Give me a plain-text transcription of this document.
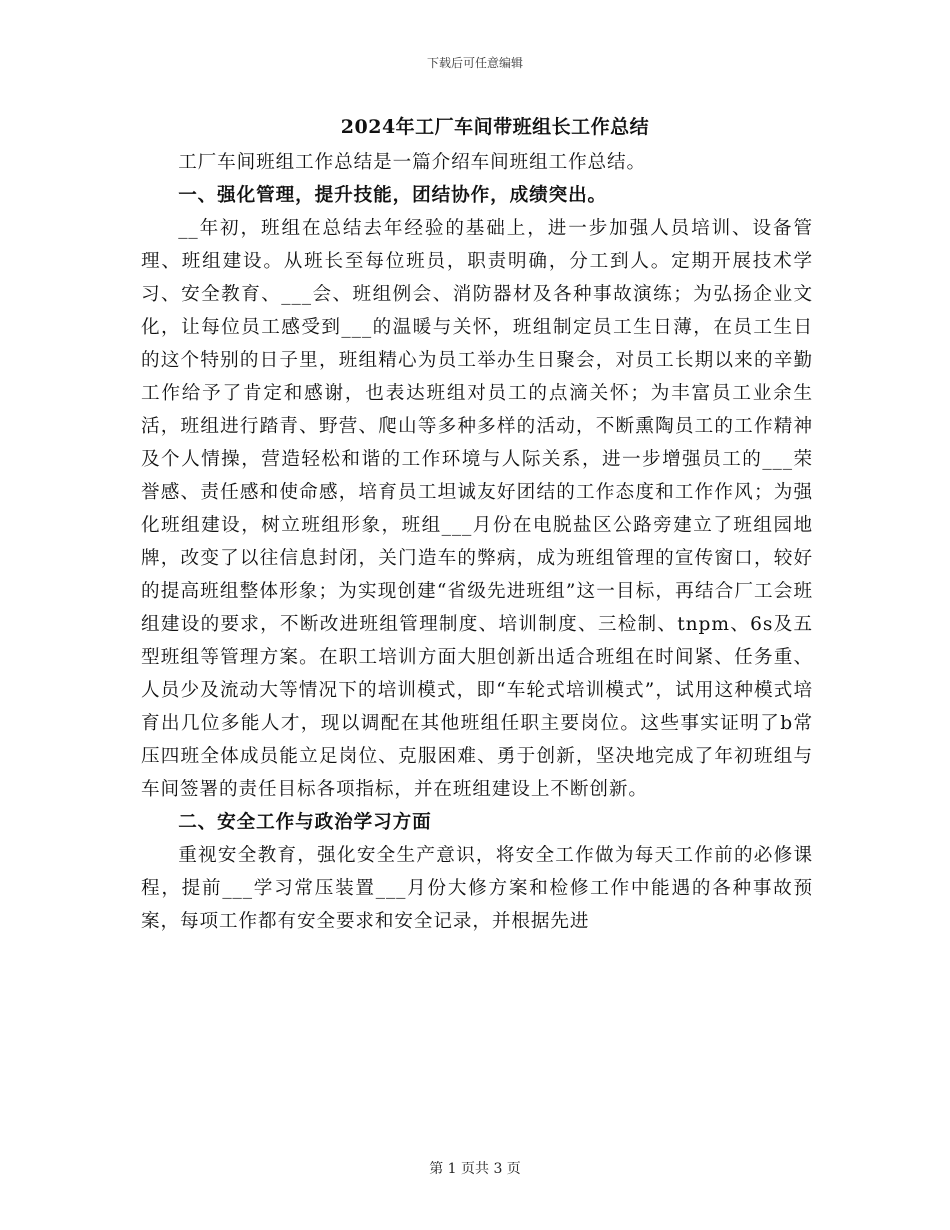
下载后可任意编辑
2024年工厂车间带班组长工作总结

工厂车间班组工作总结是一篇介绍车间班组工作总结。

一、强化管理，提升技能，团结协作，成绩突出。

__年初，班组在总结去年经验的基础上，进一步加强人员培训、设备管理、班组建设。从班长至每位班员，职责明确，分工到人。定期开展技术学习、安全教育、___会、班组例会、消防器材及各种事故演练；为弘扬企业文化，让每位员工感受到___的温暖与关怀，班组制定员工生日薄，在员工生日的这个特别的日子里，班组精心为员工举办生日聚会，对员工长期以来的辛勤工作给予了肯定和感谢，也表达班组对员工的点滴关怀；为丰富员工业余生活，班组进行踏青、野营、爬山等多种多样的活动，不断熏陶员工的工作精神及个人情操，营造轻松和谐的工作环境与人际关系，进一步增强员工的___荣誉感、责任感和使命感，培育员工坦诚友好团结的工作态度和工作作风；为强化班组建设，树立班组形象，班组___月份在电脱盐区公路旁建立了班组园地牌，改变了以往信息封闭，关门造车的弊病，成为班组管理的宣传窗口，较好的提高班组整体形象；为实现创建“省级先进班组”这一目标，再结合厂工会班组建设的要求，不断改进班组管理制度、培训制度、三检制、tnpm、6s及五型班组等管理方案。在职工培训方面大胆创新出适合班组在时间紧、任务重、人员少及流动大等情况下的培训模式，即“车轮式培训模式”，试用这种模式培育出几位多能人才，现以调配在其他班组任职主要岗位。这些事实证明了b常压四班全体成员能立足岗位、克服困难、勇于创新，坚决地完成了年初班组与车间签署的责任目标各项指标，并在班组建设上不断创新。

二、安全工作与政治学习方面

重视安全教育，强化安全生产意识，将安全工作做为每天工作前的必修课程，提前___学习常压装置___月份大修方案和检修工作中能遇的各种事故预案，每项工作都有安全要求和安全记录，并根据先进

第 1 页共 3 页
